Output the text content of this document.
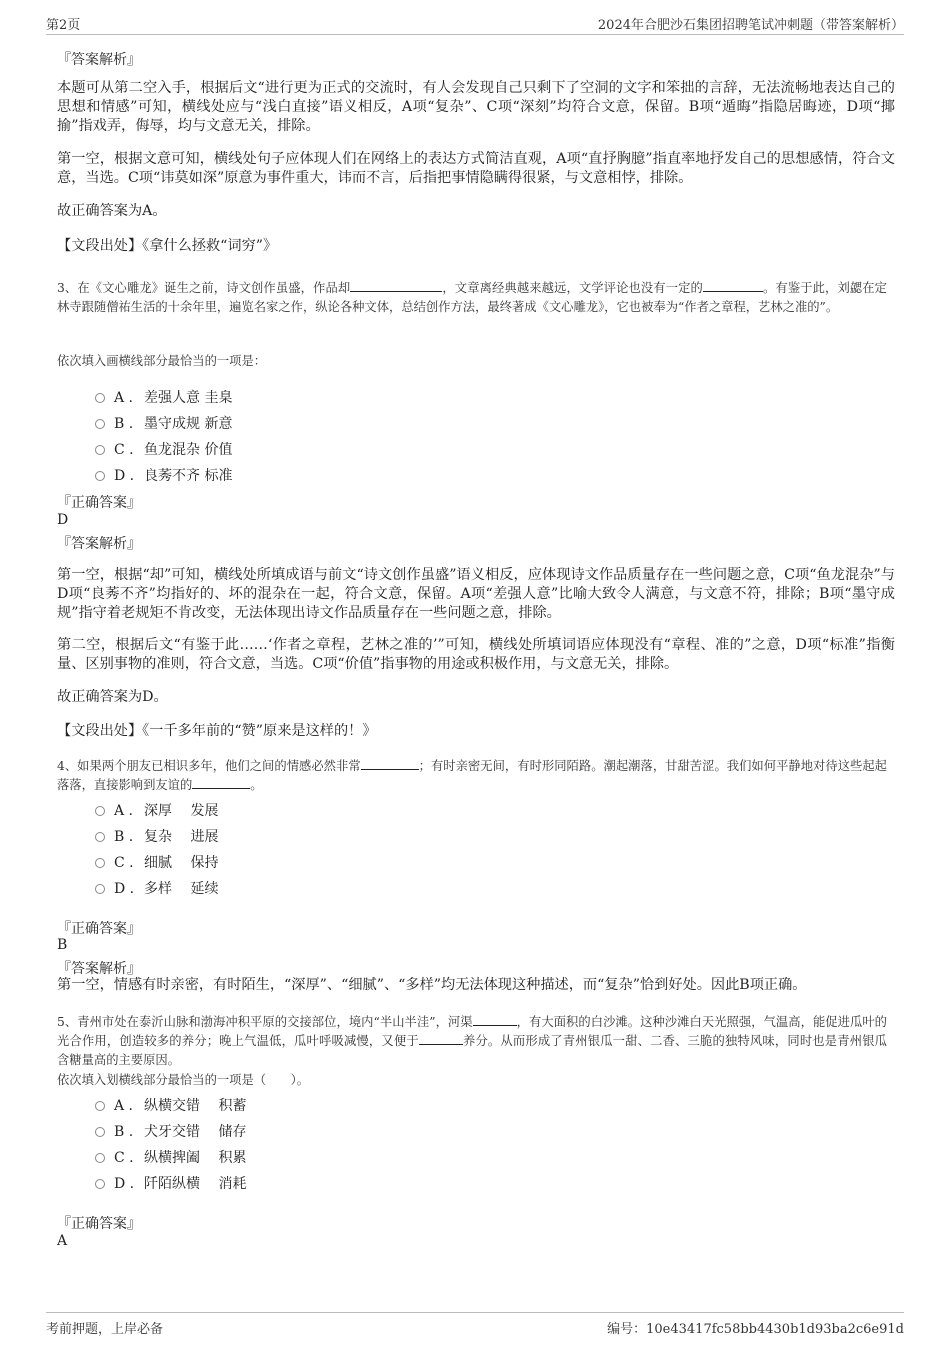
第2页	2024年合肥沙石集团招聘笔试冲刺题（带答案解析）
『答案解析』
本题可从第二空入手，根据后文“进行更为正式的交流时，有人会发现自己只剩下了空洞的文字和笨拙的言辞，无法流畅地表达自己的思想和情感”可知，横线处应与“浅白直接”语义相反，A项“复杂”、C项“深刻”均符合文意，保留。B项“遁晦”指隐居晦迹，D项“揶揄”指戏弄，侮辱，均与文意无关，排除。
第一空，根据文意可知，横线处句子应体现人们在网络上的表达方式简洁直观，A项“直抒胸臆”指直率地抒发自己的思想感情，符合文意，当选。C项“讳莫如深”原意为事件重大，讳而不言，后指把事情隐瞒得很紧，与文意相悖，排除。
故正确答案为A。
【文段出处】《拿什么拯救“词穷”》
3、在《文心雕龙》诞生之前，诗文创作虽盛，作品却	，文章离经典越来越远，文学评论也没有一定的	。有鉴于此，刘勰在定林寺跟随僧祐生活的十余年里，遍览名家之作，纵论各种文体，总结创作方法，最终著成《文心雕龙》，它也被奉为“作者之章程，艺林之准的”。
依次填入画横线部分最恰当的一项是：
A . 差强人意 圭臬
B . 墨守成规 新意
C . 鱼龙混杂 价值
D . 良莠不齐 标准
『正确答案』
D
『答案解析』
第一空，根据“却”可知，横线处所填成语与前文“诗文创作虽盛”语义相反，应体现诗文作品质量存在一些问题之意，C项“鱼龙混杂”与D项“良莠不齐”均指好的、坏的混杂在一起，符合文意，保留。A项“差强人意”比喻大致令人满意，与文意不符，排除；B项“墨守成规”指守着老规矩不肯改变，无法体现出诗文作品质量存在一些问题之意，排除。
第二空，根据后文“有鉴于此……‘作者之章程，艺林之准的’”可知，横线处所填词语应体现没有“章程、准的”之意，D项“标准”指衡量、区别事物的准则，符合文意，当选。C项“价值”指事物的用途或积极作用，与文意无关，排除。
故正确答案为D。
【文段出处】《一千多年前的“赞”原来是这样的！》
4、如果两个朋友已相识多年，他们之间的情感必然非常	；有时亲密无间，有时形同陌路。潮起潮落，甘甜苦涩。我们如何平静地对待这些起起落落，直接影响到友谊的	。
A . 深厚　 发展
B . 复杂　 进展
C . 细腻　 保持
D . 多样　 延续
『正确答案』
B
『答案解析』
第一空，情感有时亲密，有时陌生，“深厚”、“细腻”、“多样”均无法体现这种描述，而“复杂”恰到好处。因此B项正确。
5、青州市处在泰沂山脉和渤海冲积平原的交接部位，境内“半山半洼”，河渠	，有大面积的白沙滩。这种沙滩白天光照强，气温高，能促进瓜叶的光合作用，创造较多的养分；晚上气温低，瓜叶呼吸减慢，又便于	养分。从而形成了青州银瓜一甜、二香、三脆的独特风味，同时也是青州银瓜含糖量高的主要原因。
依次填入划横线部分最恰当的一项是（　　）。
A . 纵横交错　 积蓄
B . 犬牙交错　 储存
C . 纵横捭阖　 积累
D . 阡陌纵横　 消耗
『正确答案』
A
考前押题，上岸必备	编号：10e43417fc58bb4430b1d93ba2c6e91d
